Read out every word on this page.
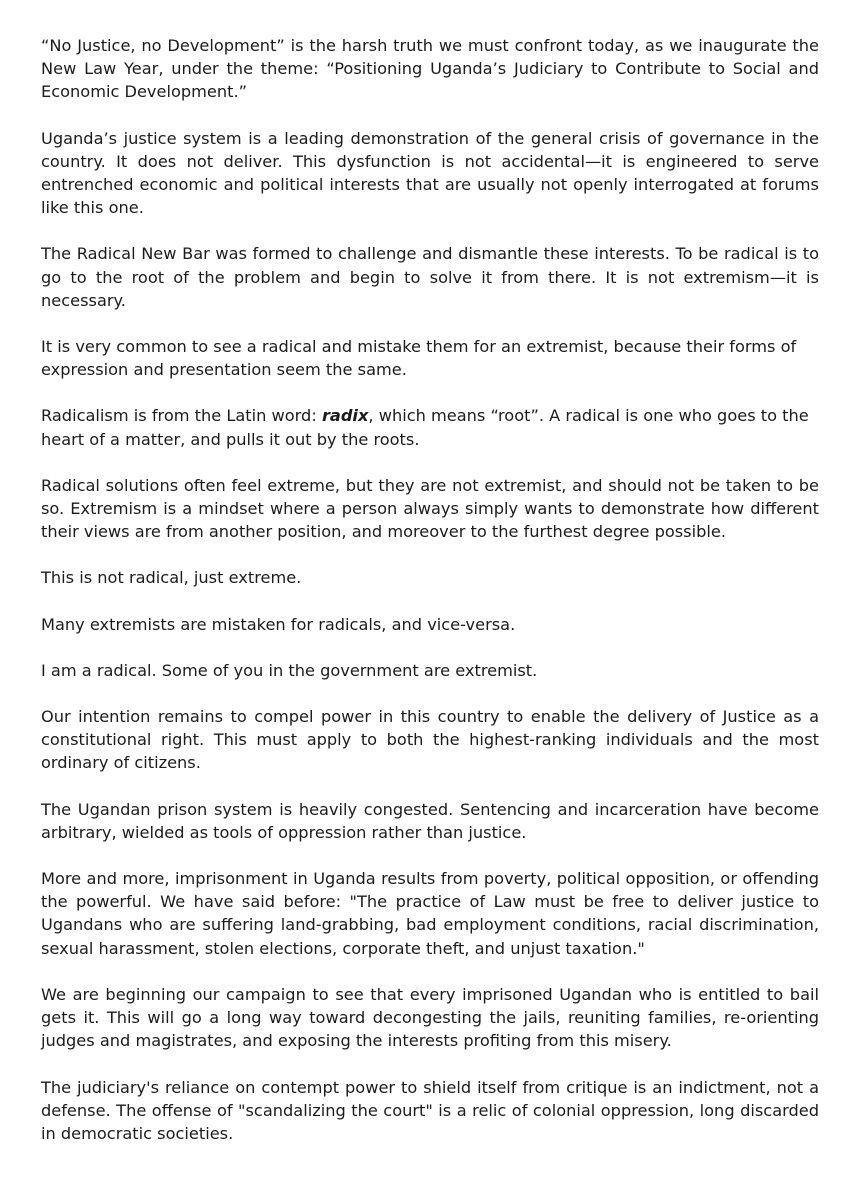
“No Justice, no Development” is the harsh truth we must confront today, as we inaugurate the New Law Year, under the theme: “Positioning Uganda’s Judiciary to Contribute to Social and Economic Development.”

Uganda’s justice system is a leading demonstration of the general crisis of governance in the country. It does not deliver. This dysfunction is not accidental—it is engineered to serve entrenched economic and political interests that are usually not openly interrogated at forums like this one.

The Radical New Bar was formed to challenge and dismantle these interests. To be radical is to go to the root of the problem and begin to solve it from there. It is not extremism—it is necessary.

It is very common to see a radical and mistake them for an extremist, because their forms of expression and presentation seem the same.

Radicalism is from the Latin word: radix, which means “root”. A radical is one who goes to the heart of a matter, and pulls it out by the roots.

Radical solutions often feel extreme, but they are not extremist, and should not be taken to be so. Extremism is a mindset where a person always simply wants to demonstrate how different their views are from another position, and moreover to the furthest degree possible.

This is not radical, just extreme.

Many extremists are mistaken for radicals, and vice-versa.

I am a radical. Some of you in the government are extremist.

Our intention remains to compel power in this country to enable the delivery of Justice as a constitutional right. This must apply to both the highest-ranking individuals and the most ordinary of citizens.

The Ugandan prison system is heavily congested. Sentencing and incarceration have become arbitrary, wielded as tools of oppression rather than justice.

More and more, imprisonment in Uganda results from poverty, political opposition, or offending the powerful. We have said before: "The practice of Law must be free to deliver justice to Ugandans who are suffering land-grabbing, bad employment conditions, racial discrimination, sexual harassment, stolen elections, corporate theft, and unjust taxation."

We are beginning our campaign to see that every imprisoned Ugandan who is entitled to bail gets it. This will go a long way toward decongesting the jails, reuniting families, re-orienting judges and magistrates, and exposing the interests profiting from this misery.

The judiciary's reliance on contempt power to shield itself from critique is an indictment, not a defense. The offense of "scandalizing the court" is a relic of colonial oppression, long discarded in democratic societies.
